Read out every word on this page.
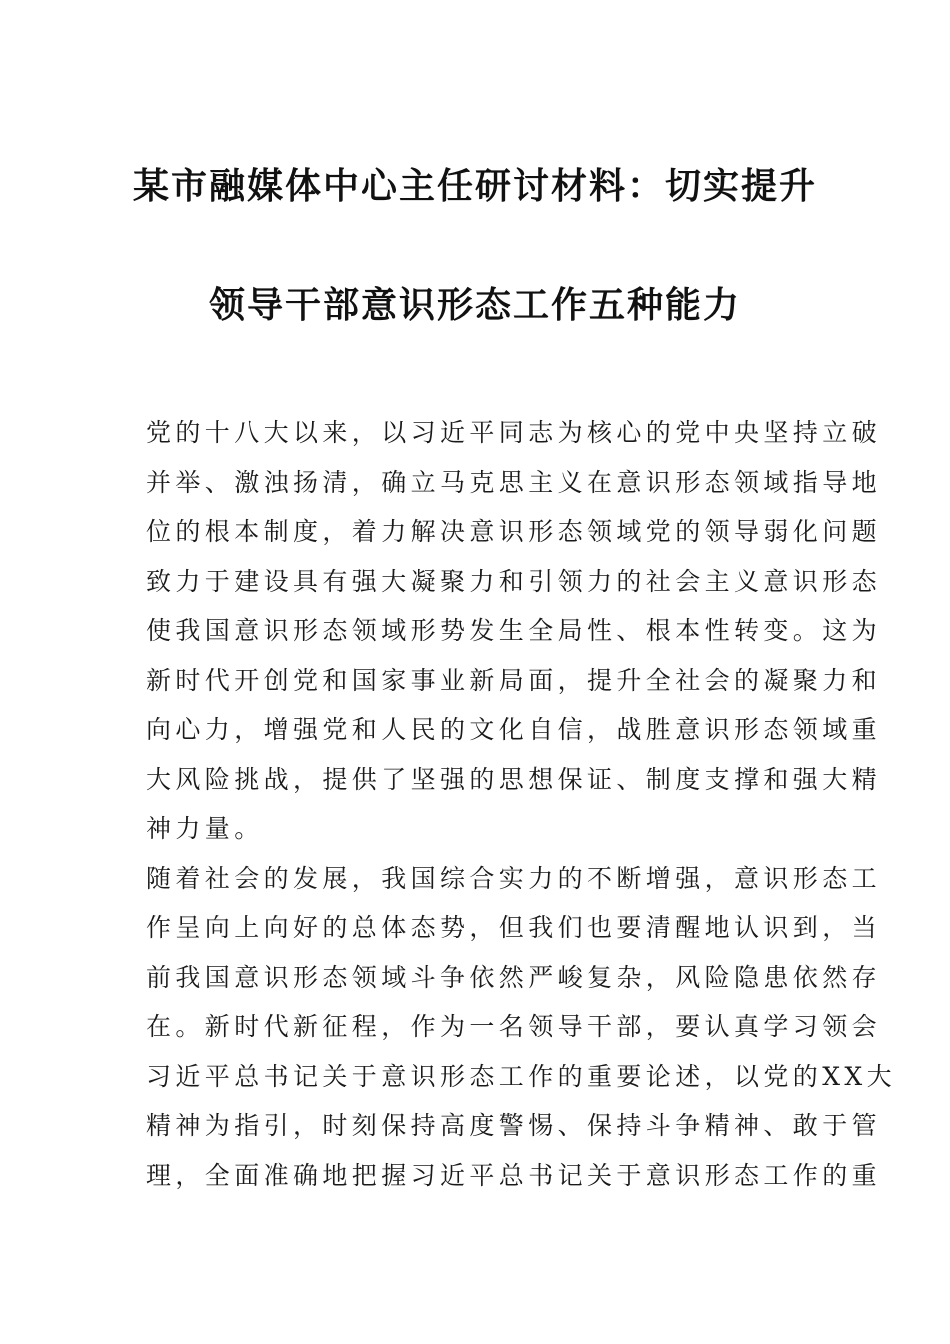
某市融媒体中心主任研讨材料：切实提升
领导干部意识形态工作五种能力
党的十八大以来，以习近平同志为核心的党中央坚持立破
并举、激浊扬清，确立马克思主义在意识形态领域指导地
位的根本制度，着力解决意识形态领域党的领导弱化问题
致力于建设具有强大凝聚力和引领力的社会主义意识形态
使我国意识形态领域形势发生全局性、根本性转变。这为
新时代开创党和国家事业新局面，提升全社会的凝聚力和
向心力，增强党和人民的文化自信，战胜意识形态领域重
大风险挑战，提供了坚强的思想保证、制度支撑和强大精
神力量。
随着社会的发展，我国综合实力的不断增强，意识形态工
作呈向上向好的总体态势，但我们也要清醒地认识到，当
前我国意识形态领域斗争依然严峻复杂，风险隐患依然存
在。新时代新征程，作为一名领导干部，要认真学习领会
习近平总书记关于意识形态工作的重要论述，以党的XX大
精神为指引，时刻保持高度警惕、保持斗争精神、敢于管
理，全面准确地把握习近平总书记关于意识形态工作的重
